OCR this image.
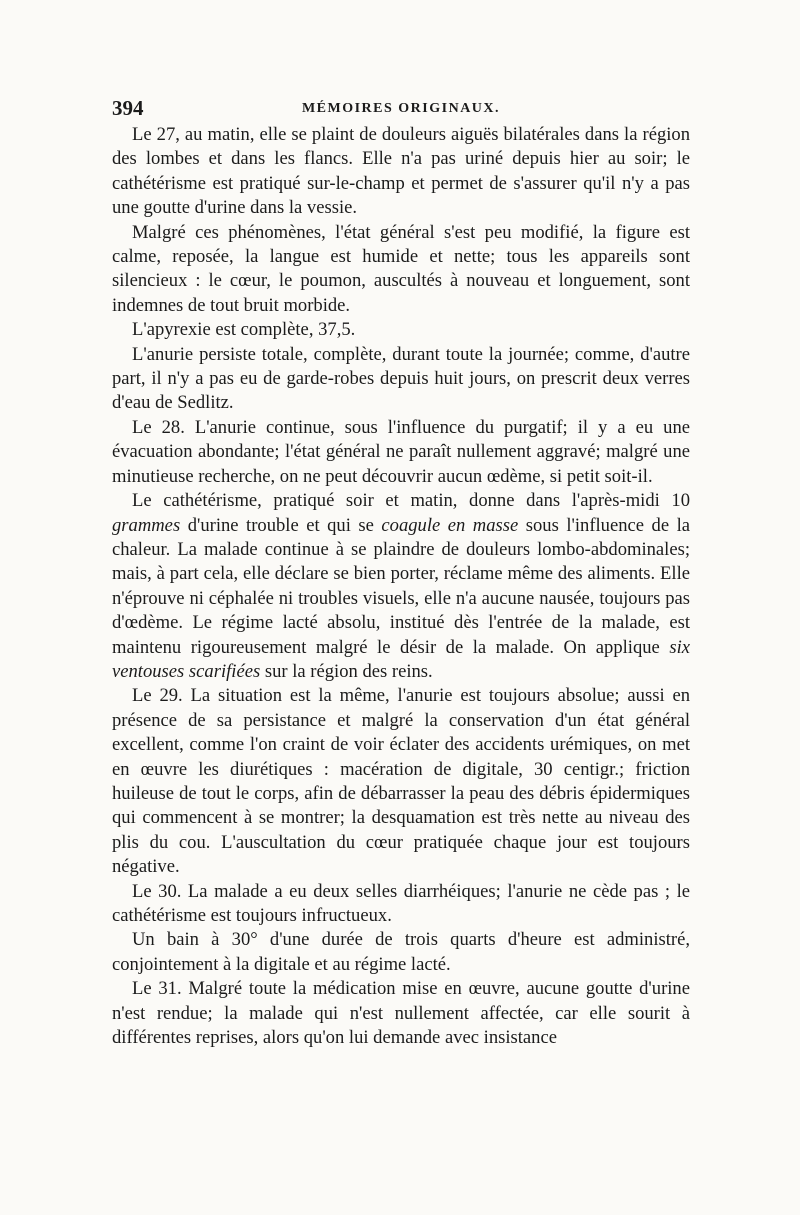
394	MÉMOIRES ORIGINAUX.

Le 27, au matin, elle se plaint de douleurs aiguës bilatérales dans la région des lombes et dans les flancs. Elle n'a pas uriné depuis hier au soir; le cathétérisme est pratiqué sur-le-champ et permet de s'assurer qu'il n'y a pas une goutte d'urine dans la vessie.

Malgré ces phénomènes, l'état général s'est peu modifié, la figure est calme, reposée, la langue est humide et nette; tous les appareils sont silencieux : le cœur, le poumon, auscultés à nouveau et longuement, sont indemnes de tout bruit morbide.

L'apyrexie est complète, 37,5.

L'anurie persiste totale, complète, durant toute la journée; comme, d'autre part, il n'y a pas eu de garde-robes depuis huit jours, on prescrit deux verres d'eau de Sedlitz.

Le 28. L'anurie continue, sous l'influence du purgatif; il y a eu une évacuation abondante; l'état général ne paraît nullement aggravé; malgré une minutieuse recherche, on ne peut découvrir aucun œdème, si petit soit-il.

Le cathétérisme, pratiqué soir et matin, donne dans l'après-midi 10 grammes d'urine trouble et qui se coagule en masse sous l'influence de la chaleur. La malade continue à se plaindre de douleurs lombo-abdominales; mais, à part cela, elle déclare se bien porter, réclame même des aliments. Elle n'éprouve ni céphalée ni troubles visuels, elle n'a aucune nausée, toujours pas d'œdème. Le régime lacté absolu, institué dès l'entrée de la malade, est maintenu rigoureusement malgré le désir de la malade. On applique six ventouses scarifiées sur la région des reins.

Le 29. La situation est la même, l'anurie est toujours absolue; aussi en présence de sa persistance et malgré la conservation d'un état général excellent, comme l'on craint de voir éclater des accidents urémiques, on met en œuvre les diurétiques : macération de digitale, 30 centigr.; friction huileuse de tout le corps, afin de débarrasser la peau des débris épidermiques qui commencent à se montrer; la desquamation est très nette au niveau des plis du cou. L'auscultation du cœur pratiquée chaque jour est toujours négative.

Le 30. La malade a eu deux selles diarrhéiques; l'anurie ne cède pas ; le cathétérisme est toujours infructueux.

Un bain à 30° d'une durée de trois quarts d'heure est administré, conjointement à la digitale et au régime lacté.

Le 31. Malgré toute la médication mise en œuvre, aucune goutte d'urine n'est rendue; la malade qui n'est nullement affectée, car elle sourit à différentes reprises, alors qu'on lui demande avec insistance
